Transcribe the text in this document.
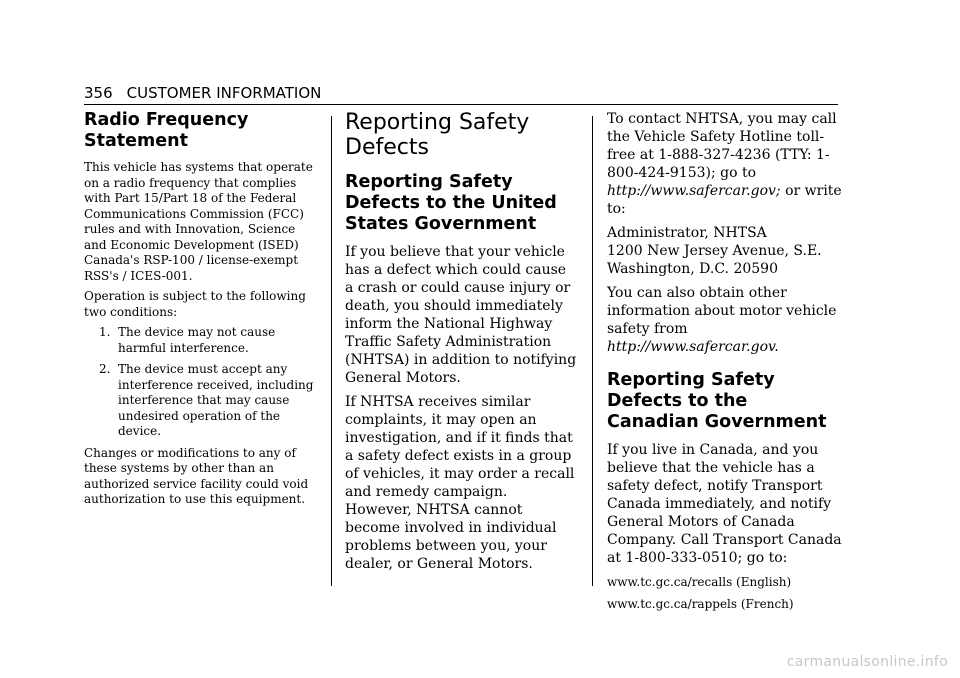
356 CUSTOMER INFORMATION
Radio Frequency Statement

This vehicle has systems that operate on a radio frequency that complies with Part 15/Part 18 of the Federal Communications Commission (FCC) rules and with Innovation, Science and Economic Development (ISED) Canada's RSP-100 / license-exempt RSS's / ICES-001.

Operation is subject to the following two conditions:

1. The device may not cause harmful interference.
2. The device must accept any interference received, including interference that may cause undesired operation of the device.

Changes or modifications to any of these systems by other than an authorized service facility could void authorization to use this equipment.

Reporting Safety Defects
Reporting Safety Defects to the United States Government

If you believe that your vehicle has a defect which could cause a crash or could cause injury or death, you should immediately inform the National Highway Traffic Safety Administration (NHTSA) in addition to notifying General Motors.

If NHTSA receives similar complaints, it may open an investigation, and if it finds that a safety defect exists in a group of vehicles, it may order a recall and remedy campaign. However, NHTSA cannot become involved in individual problems between you, your dealer, or General Motors.

To contact NHTSA, you may call the Vehicle Safety Hotline toll-free at 1-888-327-4236 (TTY: 1-800-424-9153); go to http://www.safercar.gov; or write to:

Administrator, NHTSA
1200 New Jersey Avenue, S.E.
Washington, D.C. 20590

You can also obtain other information about motor vehicle safety from http://www.safercar.gov.

Reporting Safety Defects to the Canadian Government

If you live in Canada, and you believe that the vehicle has a safety defect, notify Transport Canada immediately, and notify General Motors of Canada Company. Call Transport Canada at 1-800-333-0510; go to:

www.tc.gc.ca/recalls (English)

www.tc.gc.ca/rappels (French)

carmanualsonline.info
